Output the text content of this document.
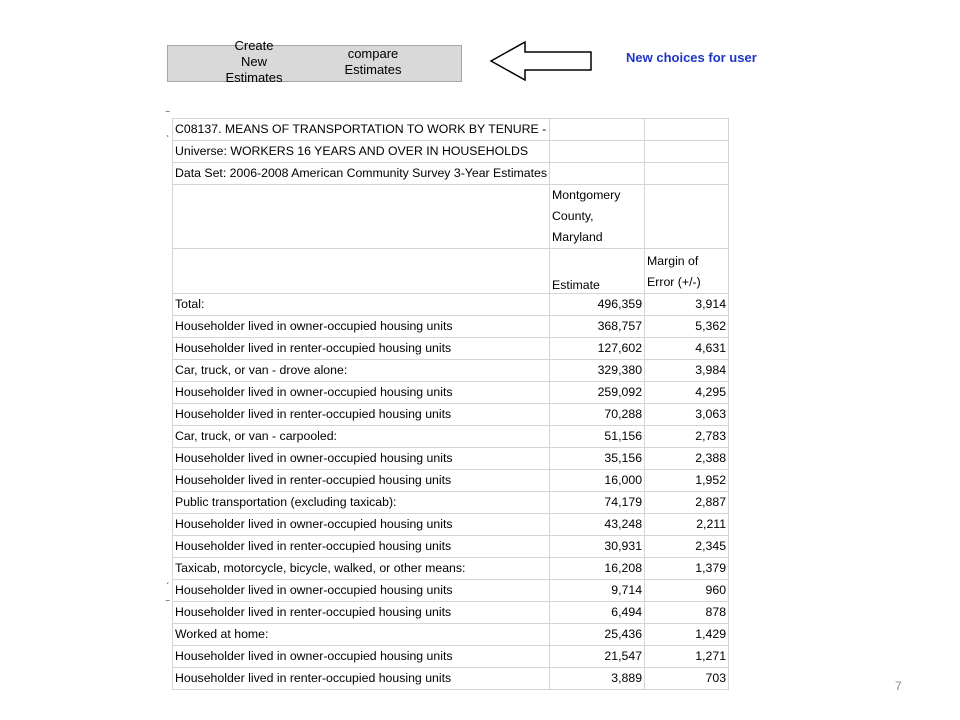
Create
New
Estimates
compare
Estimates
New choices for user
‾
ˋ
ˊ
‾
C08137. MEANS OF TRANSPORTATION TO WORK BY TENURE -		
Universe: WORKERS 16 YEARS AND OVER IN HOUSEHOLDS		
Data Set: 2006-2008 American Community Survey 3-Year Estimates		
	Montgomery
County,
Maryland	
	Estimate	Margin of
Error (+/-)
Total:	496,359	3,914
Householder lived in owner-occupied housing units	368,757	5,362
Householder lived in renter-occupied housing units	127,602	4,631
Car, truck, or van - drove alone:	329,380	3,984
Householder lived in owner-occupied housing units	259,092	4,295
Householder lived in renter-occupied housing units	70,288	3,063
Car, truck, or van - carpooled:	51,156	2,783
Householder lived in owner-occupied housing units	35,156	2,388
Householder lived in renter-occupied housing units	16,000	1,952
Public transportation (excluding taxicab):	74,179	2,887
Householder lived in owner-occupied housing units	43,248	2,211
Householder lived in renter-occupied housing units	30,931	2,345
Taxicab, motorcycle, bicycle, walked, or other means:	16,208	1,379
Householder lived in owner-occupied housing units	9,714	960
Householder lived in renter-occupied housing units	6,494	878
Worked at home:	25,436	1,429
Householder lived in owner-occupied housing units	21,547	1,271
Householder lived in renter-occupied housing units	3,889	703
7
